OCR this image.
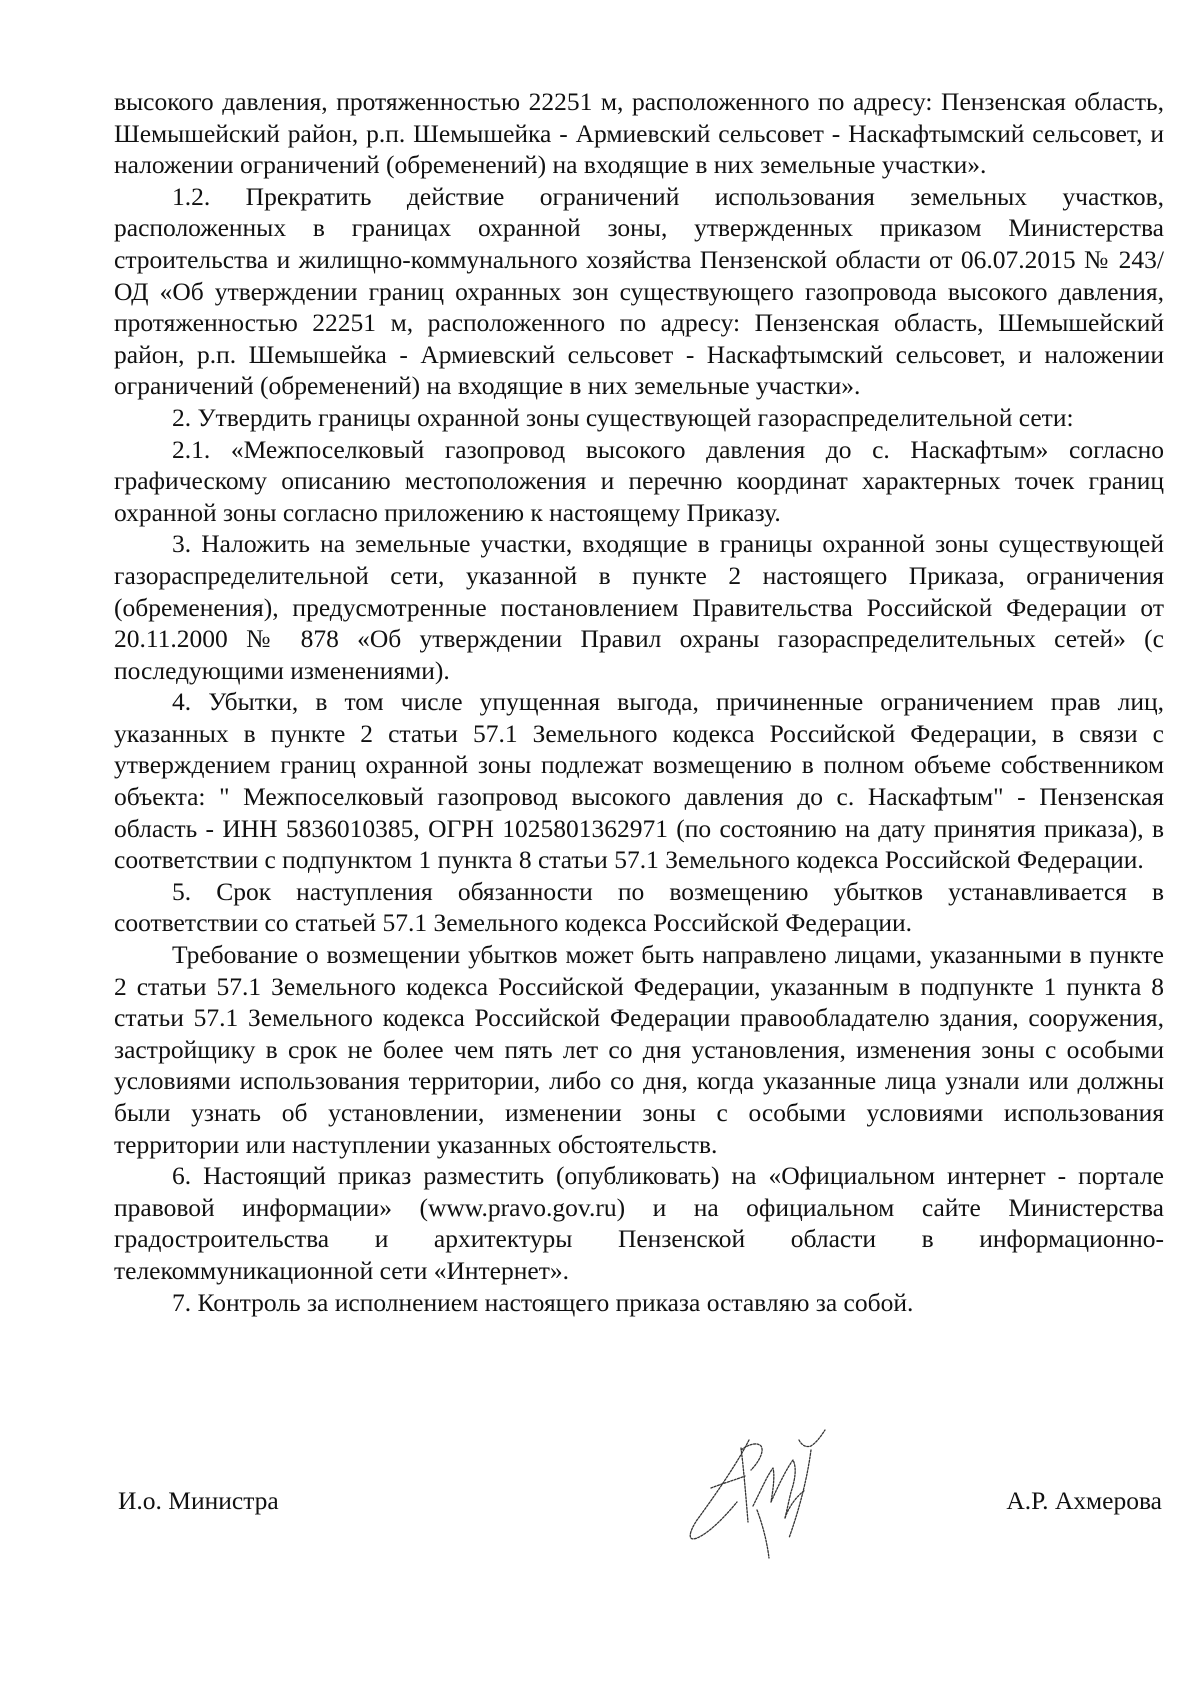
высокого давления, протяженностью 22251 м, расположенного по адресу: Пензенская область, Шемышейский район, р.п. Шемышейка - Армиевский сельсовет - Наскафтымский сельсовет, и наложении ограничений (обременений) на входящие в них земельные участки».

1.2. Прекратить действие ограничений использования земельных участков, расположенных в границах охранной зоны, утвержденных приказом Министерства строительства и жилищно-коммунального хозяйства Пензенской области от 06.07.2015 № 243/ОД «Об утверждении границ охранных зон существующего газопровода высокого давления, протяженностью 22251 м, расположенного по адресу: Пензенская область, Шемышейский район, р.п. Шемышейка - Армиевский сельсовет - Наскафтымский сельсовет, и наложении ограничений (обременений) на входящие в них земельные участки».

2. Утвердить границы охранной зоны существующей газораспределительной сети:

2.1. «Межпоселковый газопровод высокого давления до с. Наскафтым» согласно графическому описанию местоположения и перечню координат характерных точек границ охранной зоны согласно приложению к настоящему Приказу.

3. Наложить на земельные участки, входящие в границы охранной зоны существующей газораспределительной сети, указанной в пункте 2 настоящего Приказа, ограничения (обременения), предусмотренные постановлением Правительства Российской Федерации от 20.11.2000 № 878 «Об утверждении Правил охраны газораспределительных сетей» (с последующими изменениями).

4. Убытки, в том числе упущенная выгода, причиненные ограничением прав лиц, указанных в пункте 2 статьи 57.1 Земельного кодекса Российской Федерации, в связи с утверждением границ охранной зоны подлежат возмещению в полном объеме собственником объекта: " Межпоселковый газопровод высокого давления до с. Наскафтым" - Пензенская область - ИНН 5836010385, ОГРН 1025801362971 (по состоянию на дату принятия приказа), в соответствии с подпунктом 1 пункта 8 статьи 57.1 Земельного кодекса Российской Федерации.

5. Срок наступления обязанности по возмещению убытков устанавливается в соответствии со статьей 57.1 Земельного кодекса Российской Федерации.

Требование о возмещении убытков может быть направлено лицами, указанными в пункте 2 статьи 57.1 Земельного кодекса Российской Федерации, указанным в подпункте 1 пункта 8 статьи 57.1 Земельного кодекса Российской Федерации правообладателю здания, сооружения, застройщику в срок не более чем пять лет со дня установления, изменения зоны с особыми условиями использования территории, либо со дня, когда указанные лица узнали или должны были узнать об установлении, изменении зоны с особыми условиями использования территории или наступлении указанных обстоятельств.

6. Настоящий приказ разместить (опубликовать) на «Официальном интернет - портале правовой информации» (www.pravo.gov.ru) и на официальном сайте Министерства градостроительства и архитектуры Пензенской области в информационно-телекоммуникационной сети «Интернет».

7. Контроль за исполнением настоящего приказа оставляю за собой.

И.о. Министра	А.Р. Ахмерова
